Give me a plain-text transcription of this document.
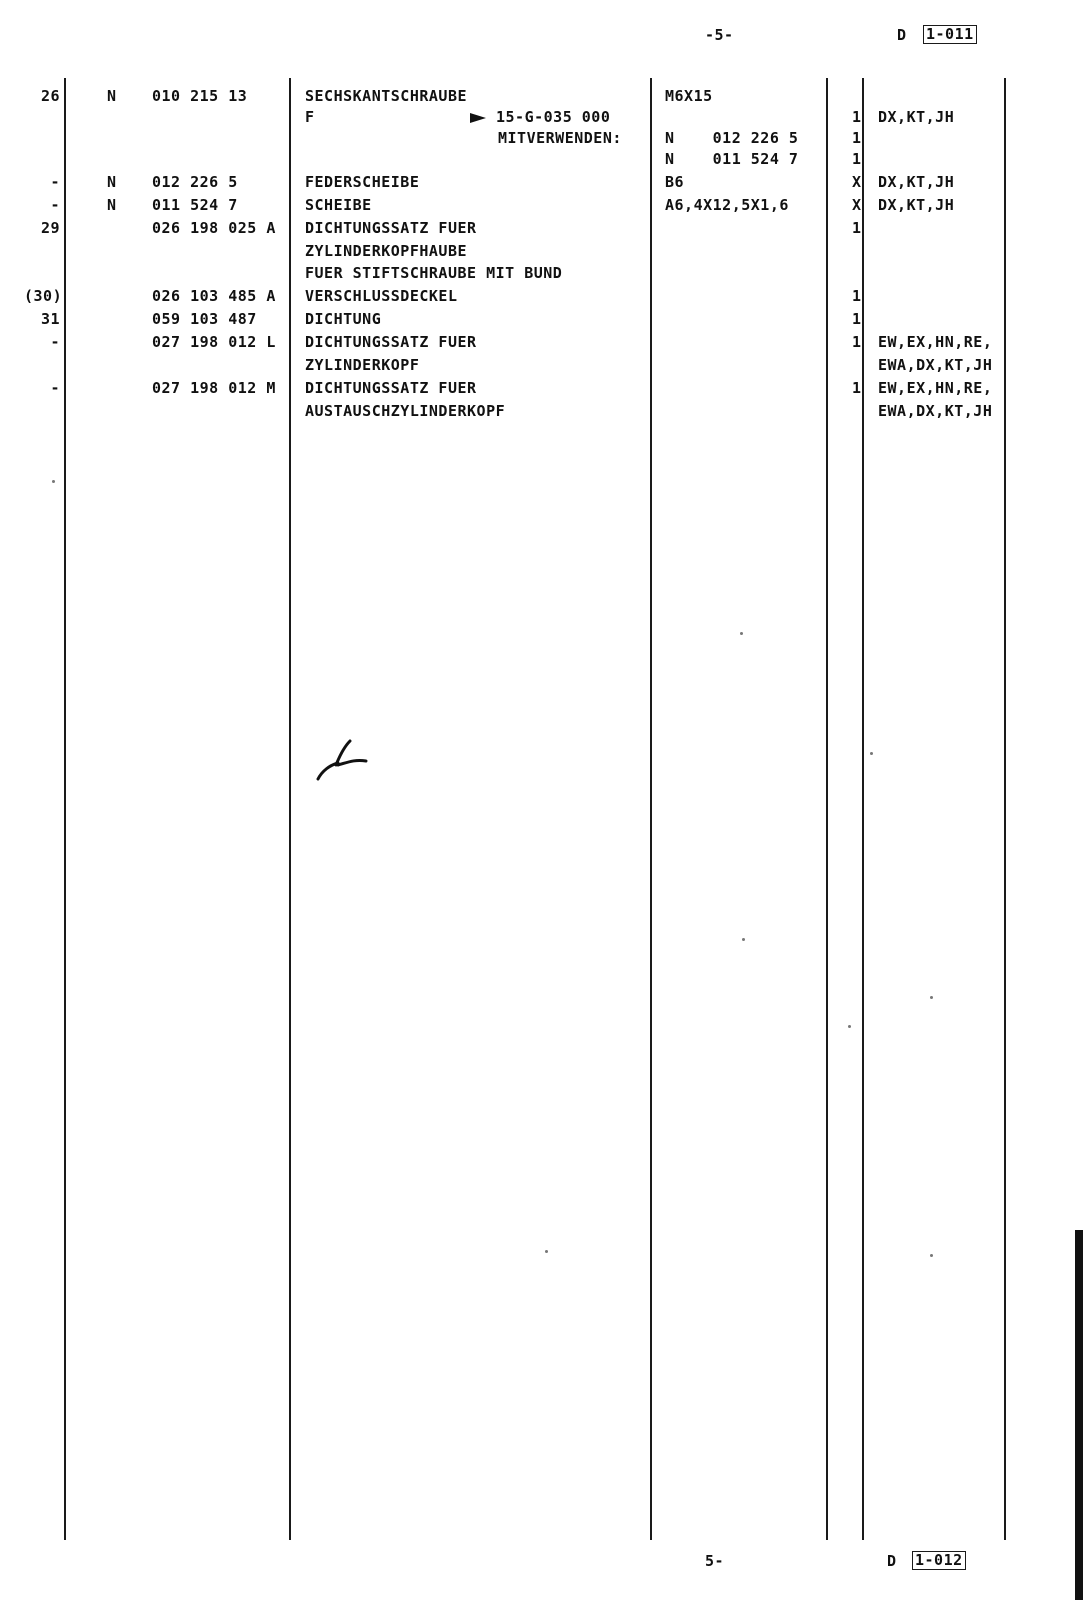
-5-	D 1-011
26	N 010 215 13	SECHSKANTSCHRAUBE	M6X15
F	15-G-035 000	1 DX,KT,JH
MITVERWENDEN:	N    012 226 5	1
N    011 524 7	1
-	N 012 226 5	FEDERSCHEIBE	B6	X DX,KT,JH
-	N 011 524 7	SCHEIBE	A6,4X12,5X1,6	X DX,KT,JH
29	026 198 025 A DICHTUNGSSATZ FUER	1
ZYLINDERKOPFHAUBE
FUER STIFTSCHRAUBE MIT BUND
(30)	026 103 485 A VERSCHLUSSDECKEL	1
31	059 103 487	DICHTUNG	1
-	027 198 012 L DICHTUNGSSATZ FUER	1 EW,EX,HN,RE,
ZYLINDERKOPF	EWA,DX,KT,JH
-	027 198 012 M DICHTUNGSSATZ FUER	1 EW,EX,HN,RE,
AUSTAUSCHZYLINDERKOPF	EWA,DX,KT,JH
5-	D 1-012
